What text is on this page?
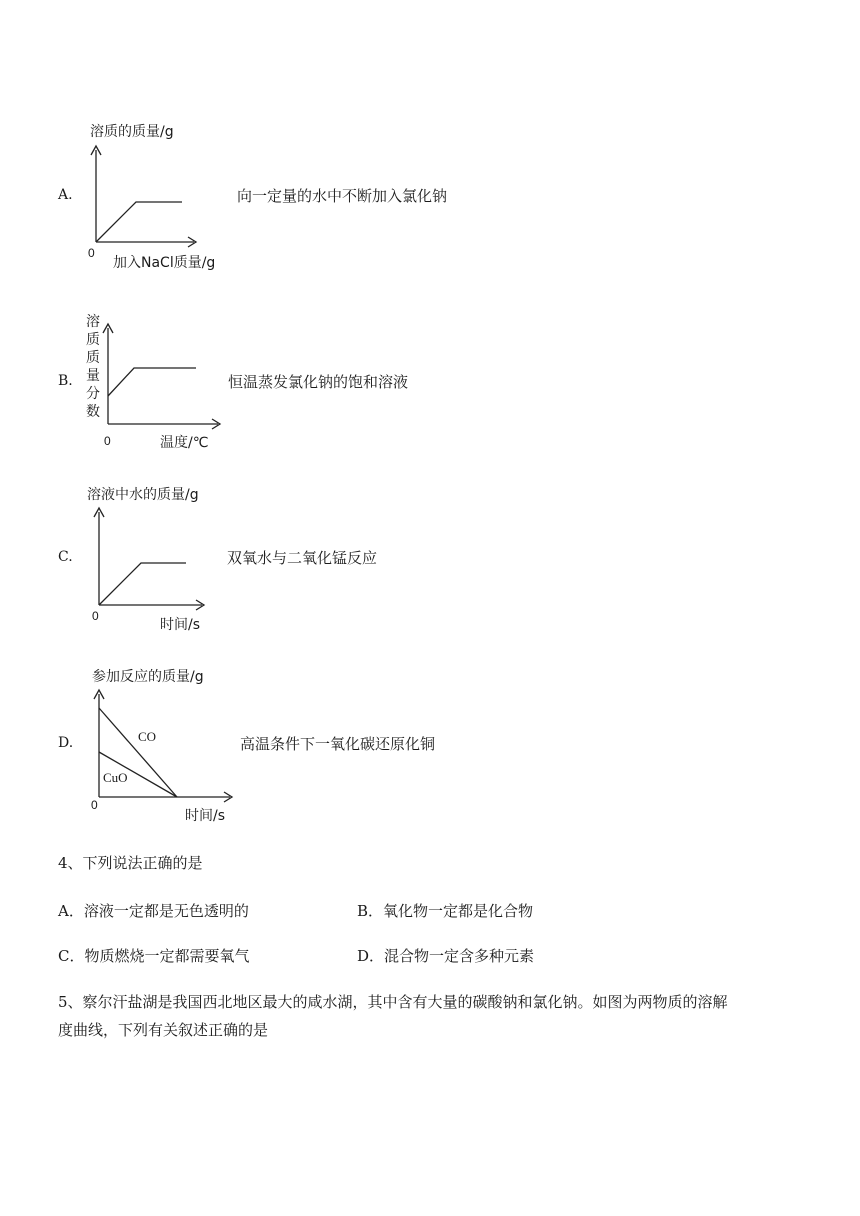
溶质的质量/g
0
加入NaCl质量/g
A.	向一定量的水中不断加入氯化钠
溶质质量分数
0	温度/℃
B.	恒温蒸发氯化钠的饱和溶液
溶液中水的质量/g
0
时间/s
C.	双氧水与二氧化锰反应
参加反应的质量/g
CO
CuO
0
时间/s
D.	高温条件下一氧化碳还原化铜
4、下列说法正确的是
A．溶液一定都是无色透明的	B．氧化物一定都是化合物
C．物质燃烧一定都需要氧气	D．混合物一定含多种元素
5、察尔汗盐湖是我国西北地区最大的咸水湖，其中含有大量的碳酸钠和氯化钠。如图为两物质的溶解
度曲线，下列有关叙述正确的是
